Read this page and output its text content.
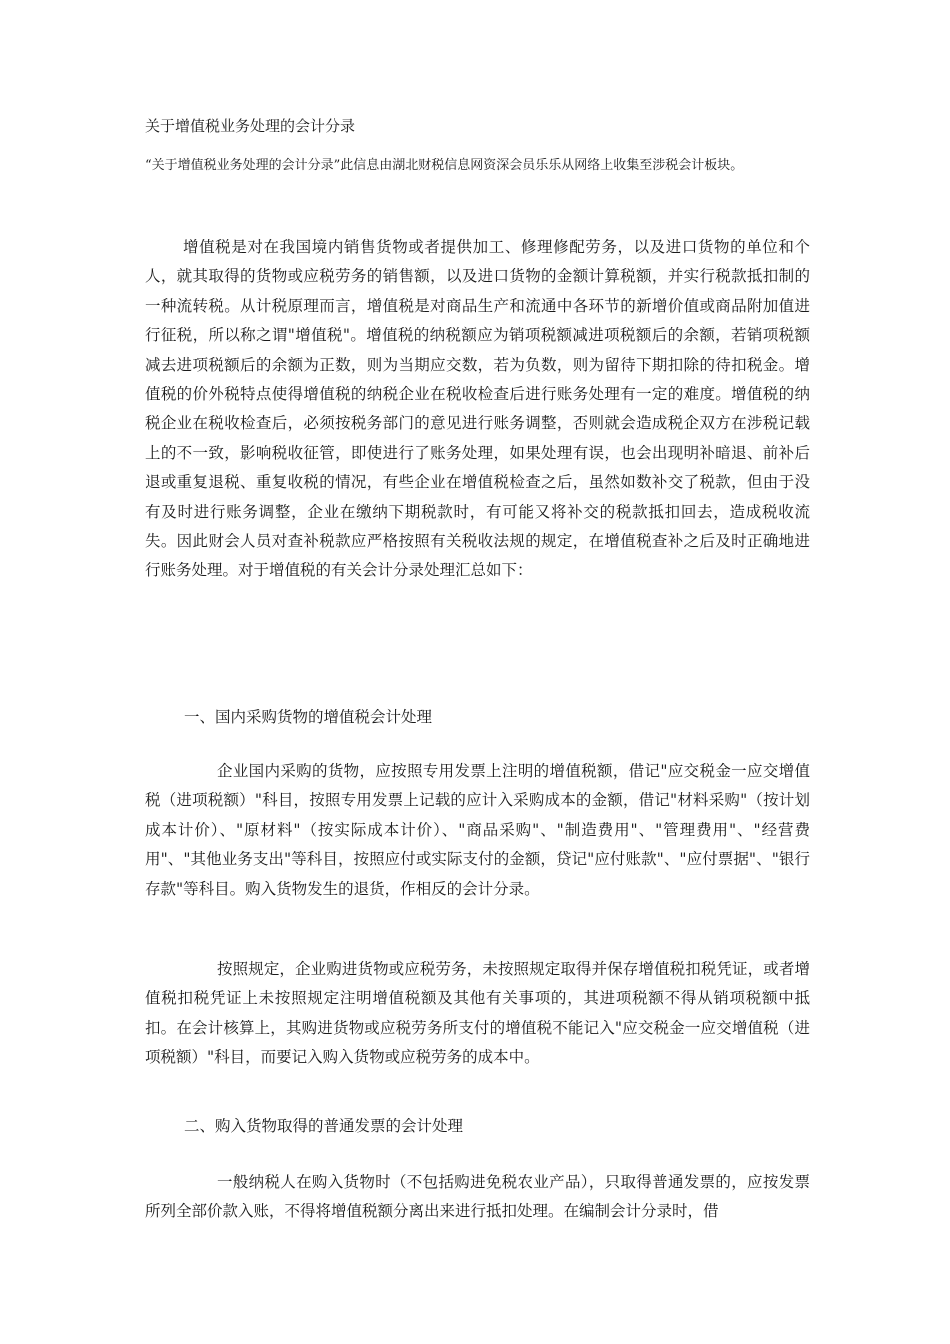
关于增值税业务处理的会计分录

“关于增值税业务处理的会计分录”此信息由湖北财税信息网资深会员乐乐从网络上收集至涉税会计板块。

增值税是对在我国境内销售货物或者提供加工、修理修配劳务，以及进口货物的单位和个人，就其取得的货物或应税劳务的销售额，以及进口货物的金额计算税额，并实行税款抵扣制的一种流转税。从计税原理而言，增值税是对商品生产和流通中各环节的新增价值或商品附加值进行征税，所以称之谓"增值税"。增值税的纳税额应为销项税额减进项税额后的余额，若销项税额减去进项税额后的余额为正数，则为当期应交数，若为负数，则为留待下期扣除的待扣税金。增值税的价外税特点使得增值税的纳税企业在税收检查后进行账务处理有一定的难度。增值税的纳税企业在税收检查后，必须按税务部门的意见进行账务调整，否则就会造成税企双方在涉税记载上的不一致，影响税收征管，即使进行了账务处理，如果处理有误，也会出现明补暗退、前补后退或重复退税、重复收税的情况，有些企业在增值税检查之后，虽然如数补交了税款，但由于没有及时进行账务调整，企业在缴纳下期税款时，有可能又将补交的税款抵扣回去，造成税收流失。因此财会人员对查补税款应严格按照有关税收法规的规定，在增值税查补之后及时正确地进行账务处理。对于增值税的有关会计分录处理汇总如下：

一、国内采购货物的增值税会计处理

企业国内采购的货物，应按照专用发票上注明的增值税额，借记"应交税金一应交增值税（进项税额）"科目，按照专用发票上记载的应计入采购成本的金额，借记"材料采购"（按计划成本计价）、"原材料"（按实际成本计价）、"商品采购"、"制造费用"、"管理费用"、"经营费用"、"其他业务支出"等科目，按照应付或实际支付的金额，贷记"应付账款"、"应付票据"、"银行存款"等科目。购入货物发生的退货，作相反的会计分录。

按照规定，企业购进货物或应税劳务，未按照规定取得并保存增值税扣税凭证，或者增值税扣税凭证上未按照规定注明增值税额及其他有关事项的，其进项税额不得从销项税额中抵扣。在会计核算上，其购进货物或应税劳务所支付的增值税不能记入"应交税金一应交增值税（进项税额）"科目，而要记入购入货物或应税劳务的成本中。

二、购入货物取得的普通发票的会计处理

一般纳税人在购入货物时（不包括购进免税农业产品），只取得普通发票的，应按发票所列全部价款入账，不得将增值税额分离出来进行抵扣处理。在编制会计分录时，借
